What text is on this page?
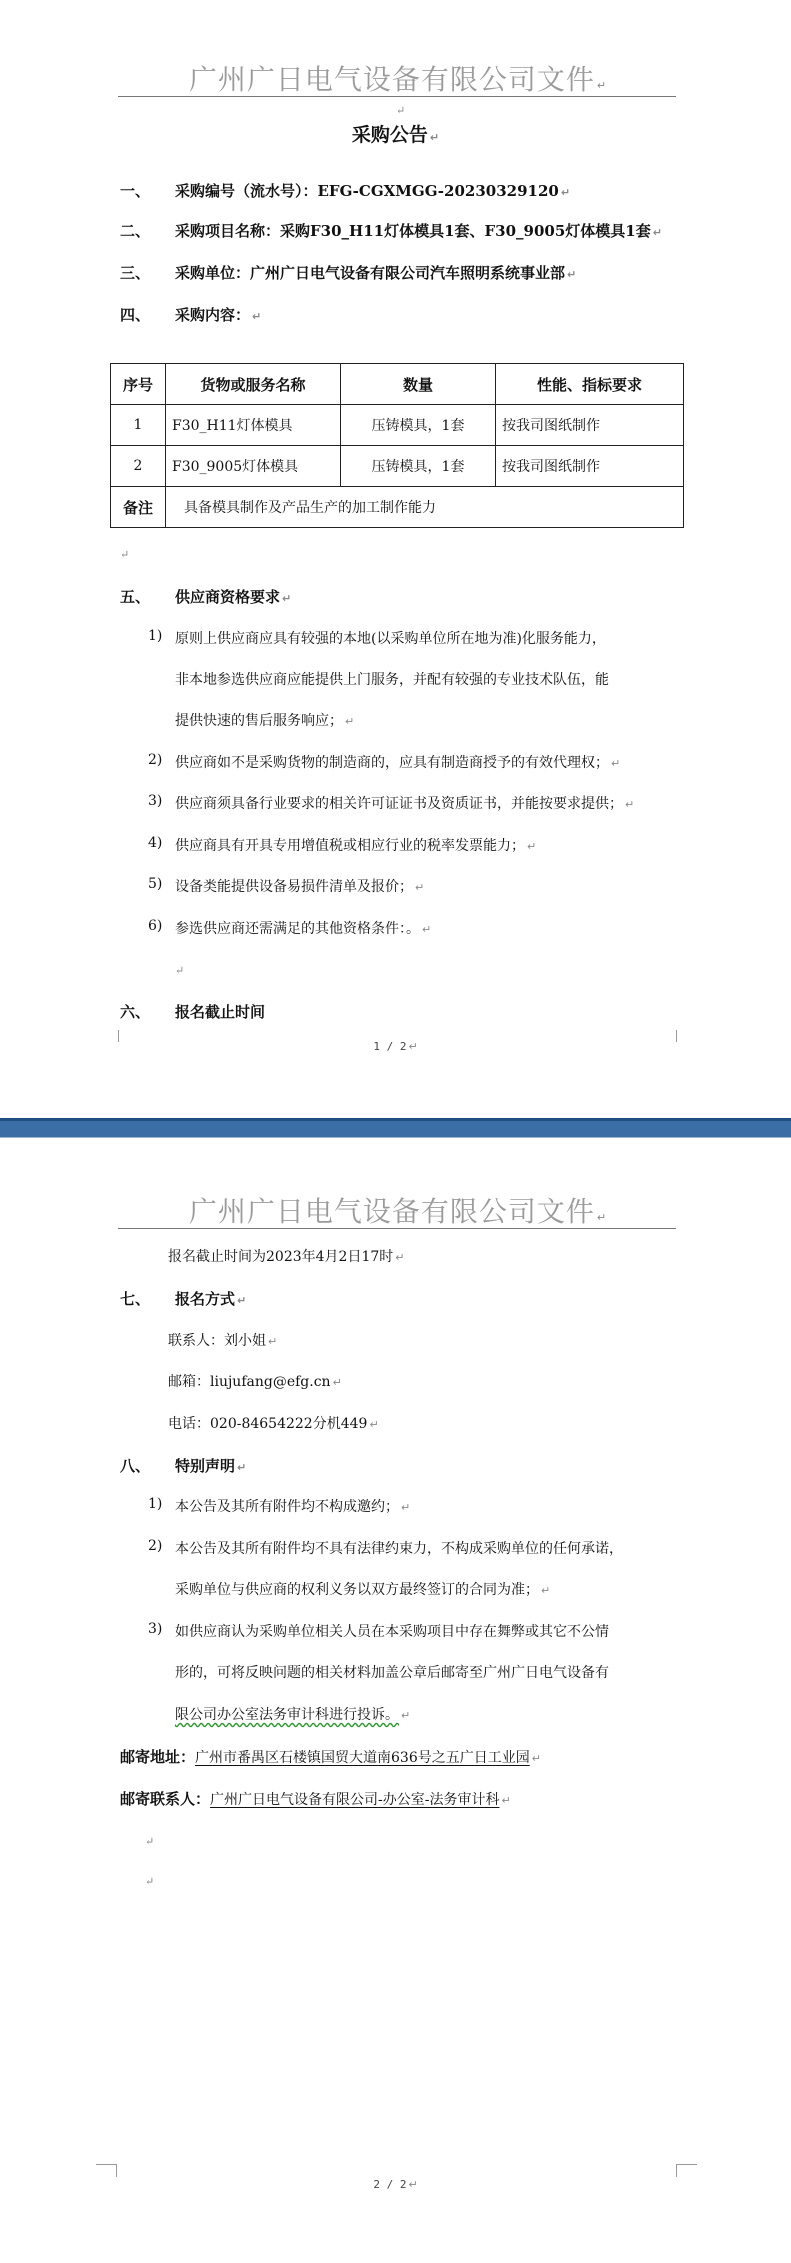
广州广日电气设备有限公司文件 ↵
↵
采购公告 ↵
一、 采购编号（流水号）：EFG-CGXMGG-20230329120 ↵
二、 采购项目名称：采购F30_H11灯体模具1套、F30_9005灯体模具1套 ↵
三、 采购单位：广州广日电气设备有限公司汽车照明系统事业部 ↵
四、 采购内容： ↵
序号	货物或服务名称	数量	性能、指标要求
1	F30_H11灯体模具	压铸模具，1套	按我司图纸制作
2	F30_9005灯体模具	压铸模具，1套	按我司图纸制作
备注	具备模具制作及产品生产的加工制作能力		
↵
五、 供应商资格要求 ↵
1) 原则上供应商应具有较强的本地(以采购单位所在地为准)化服务能力，
非本地参选供应商应能提供上门服务，并配有较强的专业技术队伍，能
提供快速的售后服务响应； ↵
2) 供应商如不是采购货物的制造商的，应具有制造商授予的有效代理权； ↵
3) 供应商须具备行业要求的相关许可证证书及资质证书，并能按要求提供； ↵
4) 供应商具有开具专用增值税或相应行业的税率发票能力； ↵
5) 设备类能提供设备易损件清单及报价； ↵
6) 参选供应商还需满足的其他资格条件：。 ↵
↵
六、 报名截止时间
1 / 2 ↵
广州广日电气设备有限公司文件 ↵
报名截止时间为2023年4月2日17时 ↵
七、 报名方式 ↵
联系人：刘小姐 ↵
邮箱：liujufang@efg.cn ↵
电话：020-84654222分机449 ↵
八、 特别声明 ↵
1) 本公告及其所有附件均不构成邀约； ↵
2) 本公告及其所有附件均不具有法律约束力，不构成采购单位的任何承诺，
采购单位与供应商的权利义务以双方最终签订的合同为准； ↵
3) 如供应商认为采购单位相关人员在本采购项目中存在舞弊或其它不公情
形的，可将反映问题的相关材料加盖公章后邮寄至广州广日电气设备有
限公司办公室法务审计科进行投诉。 ↵
邮寄地址：广州市番禺区石楼镇国贸大道南636号之五广日工业园 ↵
邮寄联系人：广州广日电气设备有限公司-办公室-法务审计科 ↵
↵
↵
2 / 2 ↵
